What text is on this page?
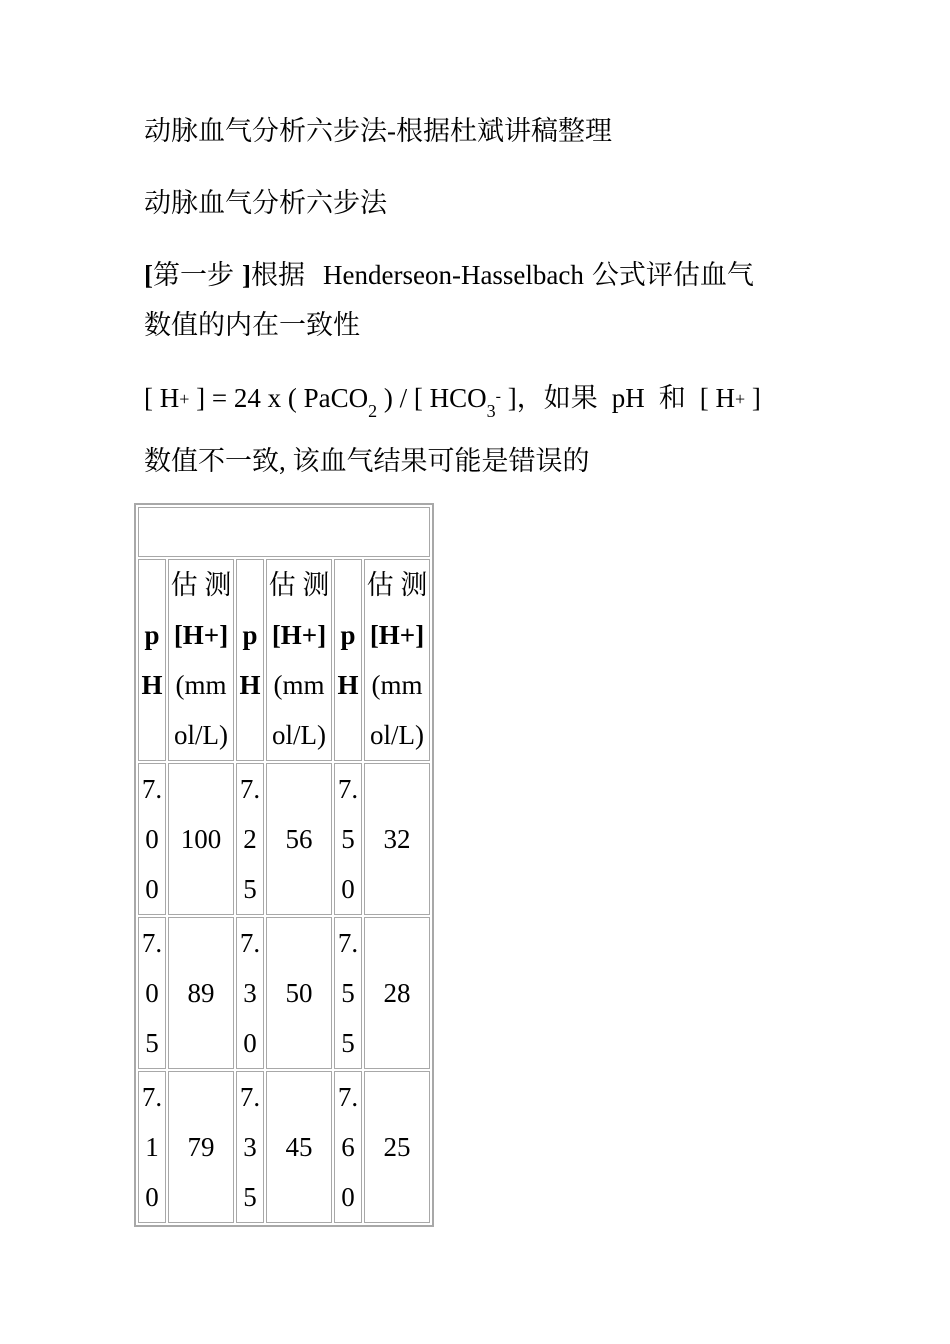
动脉血气分析六步法-根据杜斌讲稿整理

动脉血气分析六步法

[第一步 ]根据 Henderseon-Hasselbach 公式评估血气
数值的内在一致性

[ H+ ] = 24 x ( PaCO$_2$ ) / [ $HCO_3^-$ ]，如果 pH 和 [ H+ ]
数值不一致, 该血气结果可能是错误的

p
H	估 测
[H+]
(mm
ol/L)	p
H	估 测
[H+]
(mm
ol/L)	p
H	估 测
[H+]
(mm
ol/L)

7.
0
0	100	7.
2
5	56	7.
5
0	32

7.
0
5	89	7.
3
0	50	7.
5
5	28

7.
1
0	79	7.
3
5	45	7.
6
0	25
